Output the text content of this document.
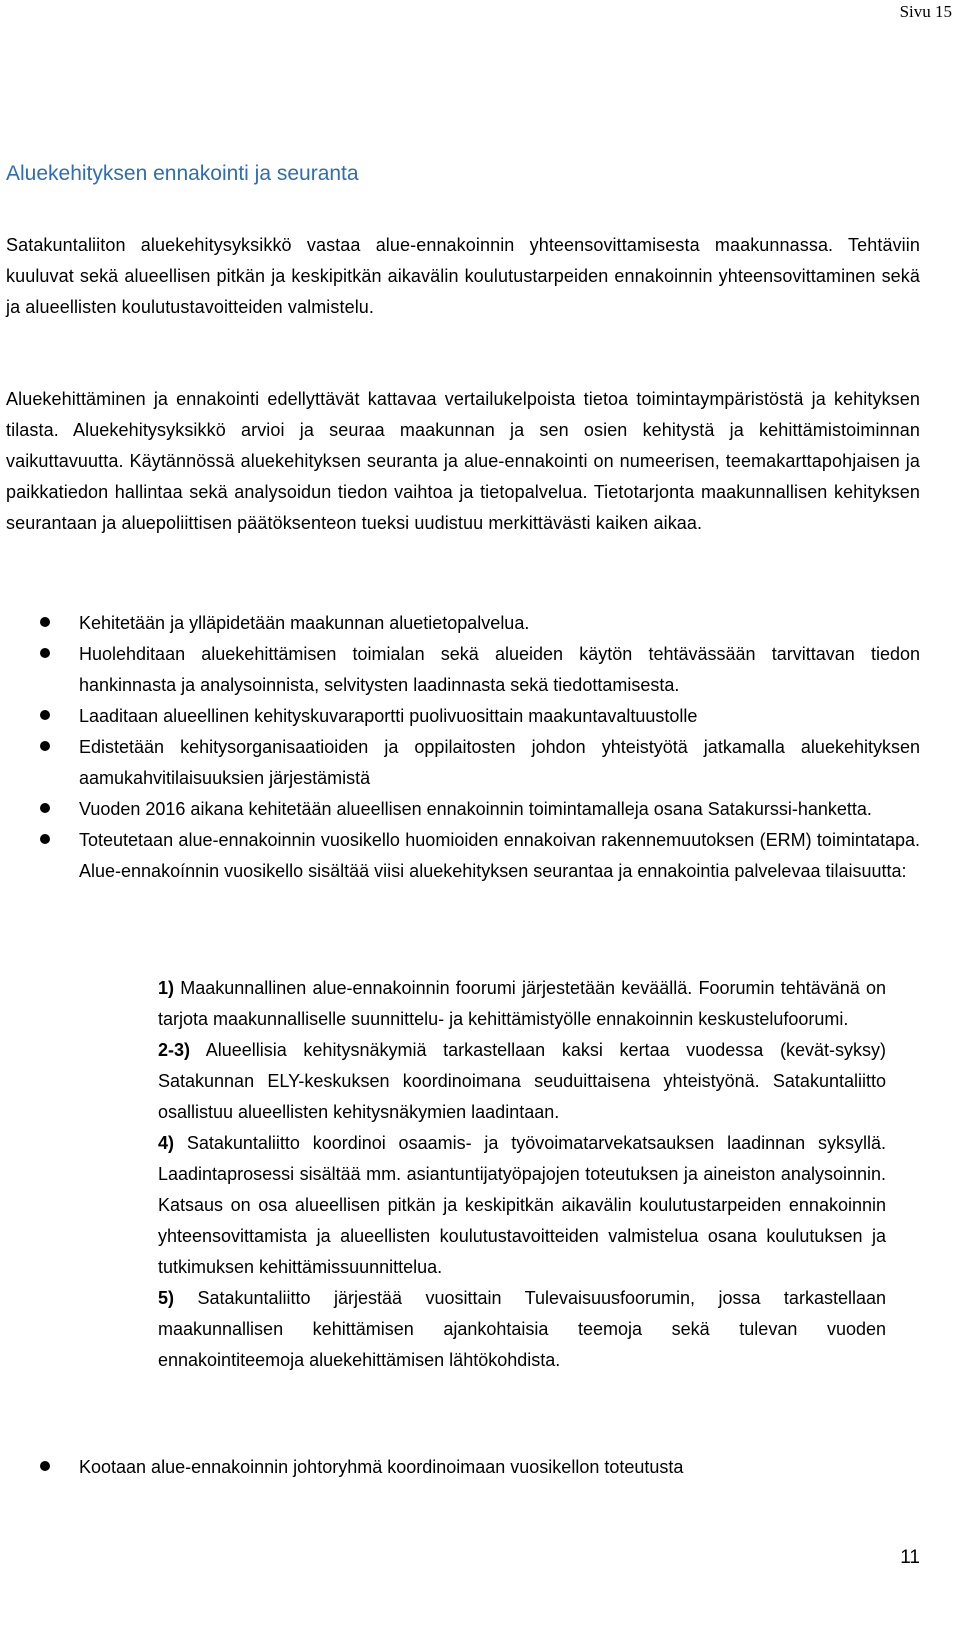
Sivu 15
Aluekehityksen ennakointi ja seuranta

Satakuntaliiton aluekehitysyksikkö vastaa alue-ennakoinnin yhteensovittamisesta maakunnassa. Tehtäviin kuuluvat sekä alueellisen pitkän ja keskipitkän aikavälin koulutustarpeiden ennakoinnin yhteensovittaminen sekä ja alueellisten koulutustavoitteiden valmistelu.

Aluekehittäminen ja ennakointi edellyttävät kattavaa vertailukelpoista tietoa toimintaympäristöstä ja kehityksen tilasta. Aluekehitysyksikkö arvioi ja seuraa maakunnan ja sen osien kehitystä ja kehittämistoiminnan vaikuttavuutta. Käytännössä aluekehityksen seuranta ja alue-ennakointi on numeerisen, teemakarttapohjaisen ja paikkatiedon hallintaa sekä analysoidun tiedon vaihtoa ja tietopalvelua. Tietotarjonta maakunnallisen kehityksen seurantaan ja aluepoliittisen päätöksenteon tueksi uudistuu merkittävästi kaiken aikaa.

Kehitetään ja ylläpidetään maakunnan aluetietopalvelua.
Huolehditaan aluekehittämisen toimialan sekä alueiden käytön tehtävässään tarvittavan tiedon hankinnasta ja analysoinnista, selvitysten laadinnasta sekä tiedottamisesta.
Laaditaan alueellinen kehityskuvaraportti puolivuosittain maakuntavaltuustolle
Edistetään kehitysorganisaatioiden ja oppilaitosten johdon yhteistyötä jatkamalla aluekehityksen aamukahvitilaisuuksien järjestämistä
Vuoden 2016 aikana kehitetään alueellisen ennakoinnin toimintamalleja osana Satakurssi-hanketta.
Toteutetaan alue-ennakoinnin vuosikello huomioiden ennakoivan rakennemuutoksen (ERM) toimintatapa. Alue-ennakoínnin vuosikello sisältää viisi aluekehityksen seurantaa ja ennakointia palvelevaa tilaisuutta:
1) Maakunnallinen alue-ennakoinnin foorumi järjestetään keväällä. Foorumin tehtävänä on tarjota maakunnalliselle suunnittelu- ja kehittämistyölle ennakoinnin keskustelufoorumi.
2-3) Alueellisia kehitysnäkymiä tarkastellaan kaksi kertaa vuodessa (kevät-syksy) Satakunnan ELY-keskuksen koordinoimana seuduittaisena yhteistyönä. Satakuntaliitto osallistuu alueellisten kehitysnäkymien laadintaan.
4) Satakuntaliitto koordinoi osaamis- ja työvoimatarvekatsauksen laadinnan syksyllä. Laadintaprosessi sisältää mm. asiantuntijatyöpajojen toteutuksen ja aineiston analysoinnin. Katsaus on osa alueellisen pitkän ja keskipitkän aikavälin koulutustarpeiden ennakoinnin yhteensovittamista ja alueellisten koulutustavoitteiden valmistelua osana koulutuksen ja tutkimuksen kehittämissuunnittelua.
5) Satakuntaliitto järjestää vuosittain Tulevaisuusfoorumin, jossa tarkastellaan maakunnallisen kehittämisen ajankohtaisia teemoja sekä tulevan vuoden ennakointiteemoja aluekehittämisen lähtökohdista.
Kootaan alue-ennakoinnin johtoryhmä koordinoimaan vuosikellon toteutusta
11
